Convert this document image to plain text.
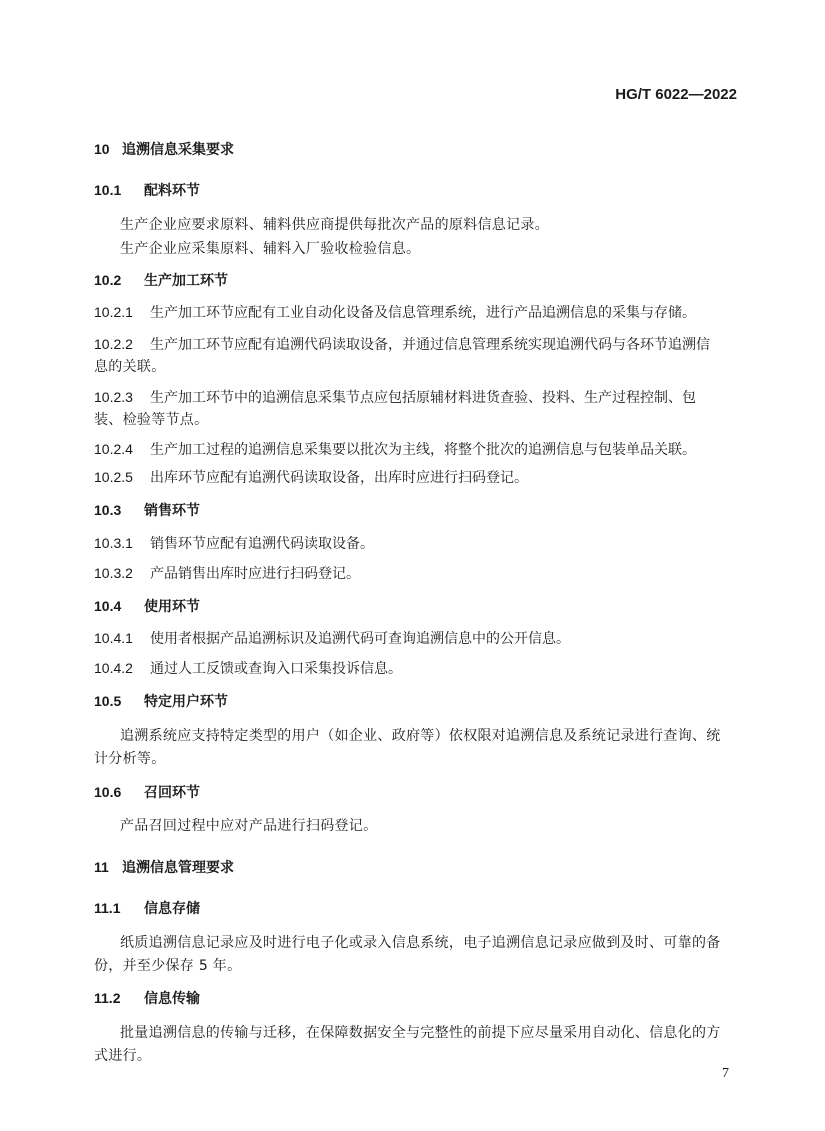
HG/T 6022—2022
10 追溯信息采集要求
10.1 配料环节
生产企业应要求原料、辅料供应商提供每批次产品的原料信息记录。
生产企业应采集原料、辅料入厂验收检验信息。
10.2 生产加工环节
10.2.1 生产加工环节应配有工业自动化设备及信息管理系统，进行产品追溯信息的采集与存储。
10.2.2 生产加工环节应配有追溯代码读取设备，并通过信息管理系统实现追溯代码与各环节追溯信
息的关联。
10.2.3 生产加工环节中的追溯信息采集节点应包括原辅材料进货查验、投料、生产过程控制、包
装、检验等节点。
10.2.4 生产加工过程的追溯信息采集要以批次为主线，将整个批次的追溯信息与包装单品关联。
10.2.5 出库环节应配有追溯代码读取设备，出库时应进行扫码登记。
10.3 销售环节
10.3.1 销售环节应配有追溯代码读取设备。
10.3.2 产品销售出库时应进行扫码登记。
10.4 使用环节
10.4.1 使用者根据产品追溯标识及追溯代码可查询追溯信息中的公开信息。
10.4.2 通过人工反馈或查询入口采集投诉信息。
10.5 特定用户环节
追溯系统应支持特定类型的用户（如企业、政府等）依权限对追溯信息及系统记录进行查询、统
计分析等。
10.6 召回环节
产品召回过程中应对产品进行扫码登记。
11 追溯信息管理要求
11.1 信息存储
纸质追溯信息记录应及时进行电子化或录入信息系统，电子追溯信息记录应做到及时、可靠的备
份，并至少保存 5 年。
11.2 信息传输
批量追溯信息的传输与迁移，在保障数据安全与完整性的前提下应尽量采用自动化、信息化的方
式进行。
7
